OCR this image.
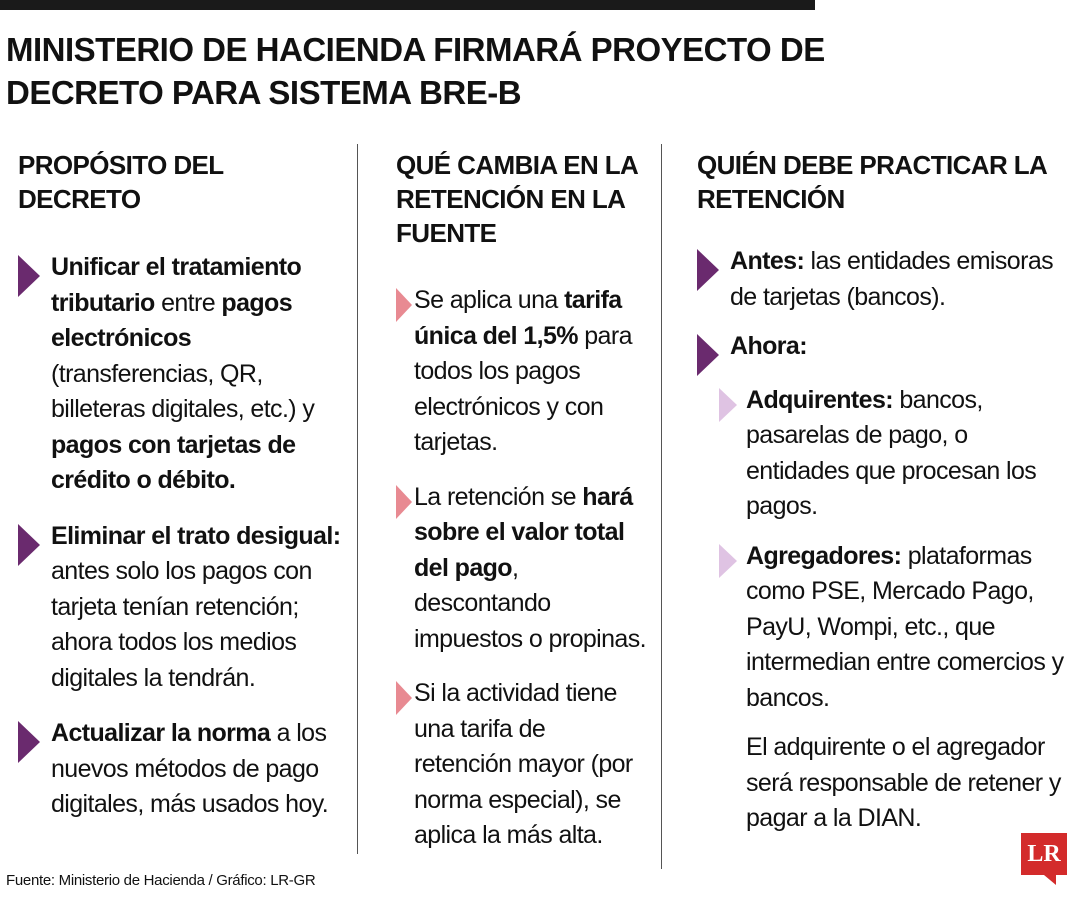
MINISTERIO DE HACIENDA FIRMARÁ PROYECTO DE DECRETO PARA SISTEMA BRE-B
PROPÓSITO DEL DECRETO
Unificar el tratamiento tributario entre pagos electrónicos (transferencias, QR, billeteras digitales, etc.) y pagos con tarjetas de crédito o débito.
Eliminar el trato desigual: antes solo los pagos con tarjeta tenían retención; ahora todos los medios digitales la tendrán.
Actualizar la norma a los nuevos métodos de pago digitales, más usados hoy.
QUÉ CAMBIA EN LA RETENCIÓN EN LA FUENTE
Se aplica una tarifa única del 1,5% para todos los pagos electrónicos y con tarjetas.
La retención se hará sobre el valor total del pago, descontando impuestos o propinas.
Si la actividad tiene una tarifa de retención mayor (por norma especial), se aplica la más alta.
QUIÉN DEBE PRACTICAR LA RETENCIÓN
Antes: las entidades emisoras de tarjetas (bancos).
Ahora:
Adquirentes: bancos, pasarelas de pago, o entidades que procesan los pagos.
Agregadores: plataformas como PSE, Mercado Pago, PayU, Wompi, etc., que intermedian entre comercios y bancos.
El adquirente o el agregador será responsable de retener y pagar a la DIAN.
Fuente: Ministerio de Hacienda / Gráfico: LR-GR
LR
